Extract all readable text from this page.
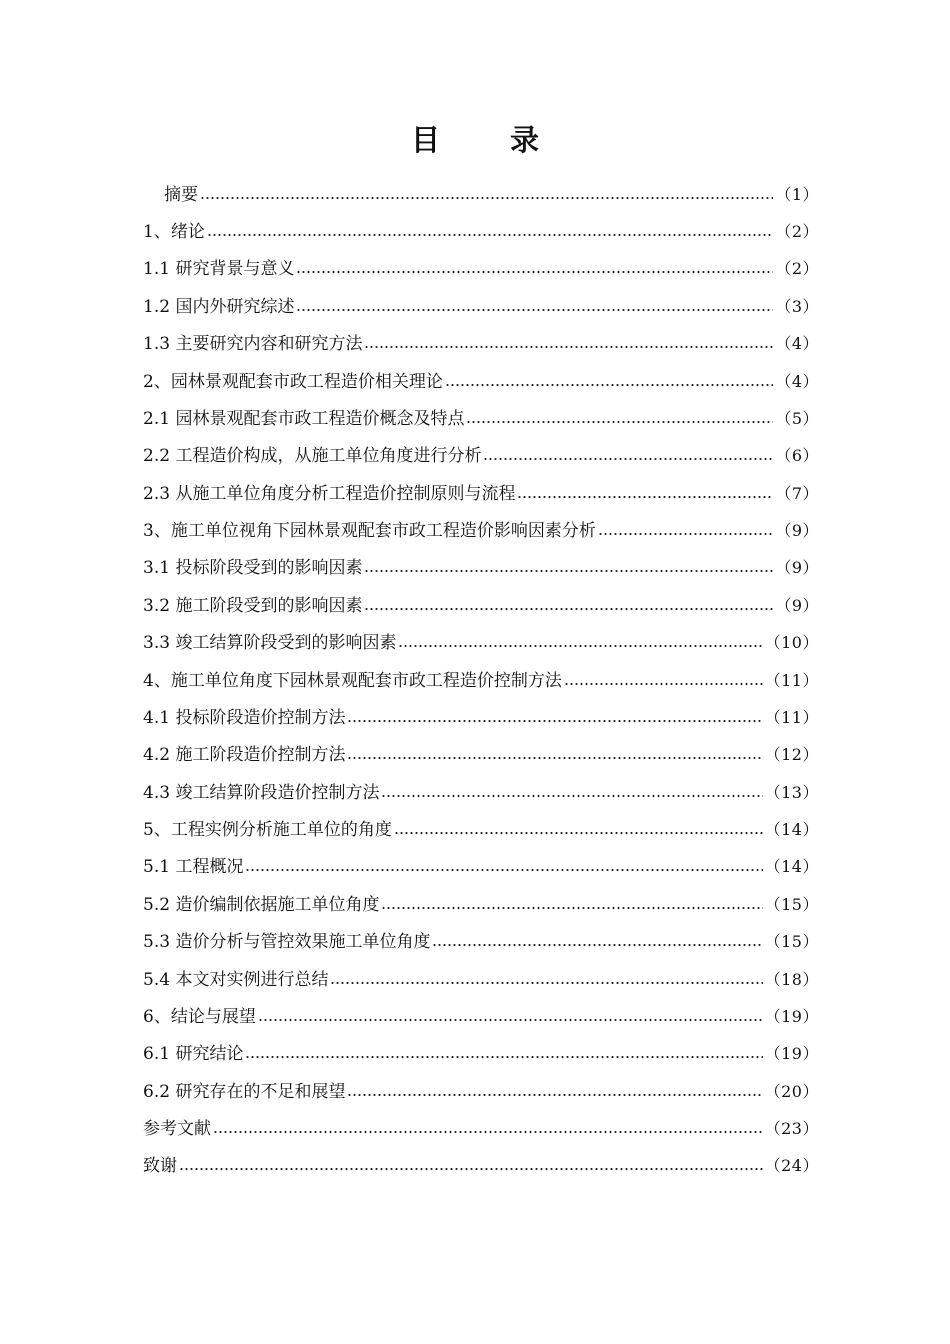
目 录
摘要	（1）
1、绪论	（2）
1.1 研究背景与意义	（2）
1.2 国内外研究综述	（3）
1.3 主要研究内容和研究方法	（4）
2、园林景观配套市政工程造价相关理论	（4）
2.1 园林景观配套市政工程造价概念及特点	（5）
2.2 工程造价构成，从施工单位角度进行分析	（6）
2.3 从施工单位角度分析工程造价控制原则与流程	（7）
3、施工单位视角下园林景观配套市政工程造价影响因素分析	（9）
3.1 投标阶段受到的影响因素	（9）
3.2 施工阶段受到的影响因素	（9）
3.3 竣工结算阶段受到的影响因素	（10）
4、施工单位角度下园林景观配套市政工程造价控制方法	（11）
4.1 投标阶段造价控制方法	（11）
4.2 施工阶段造价控制方法	（12）
4.3 竣工结算阶段造价控制方法	（13）
5、工程实例分析施工单位的角度	（14）
5.1 工程概况	（14）
5.2 造价编制依据施工单位角度	（15）
5.3 造价分析与管控效果施工单位角度	（15）
5.4 本文对实例进行总结	（18）
6、结论与展望	（19）
6.1 研究结论	（19）
6.2 研究存在的不足和展望	（20）
参考文献	（23）
致谢	（24）
